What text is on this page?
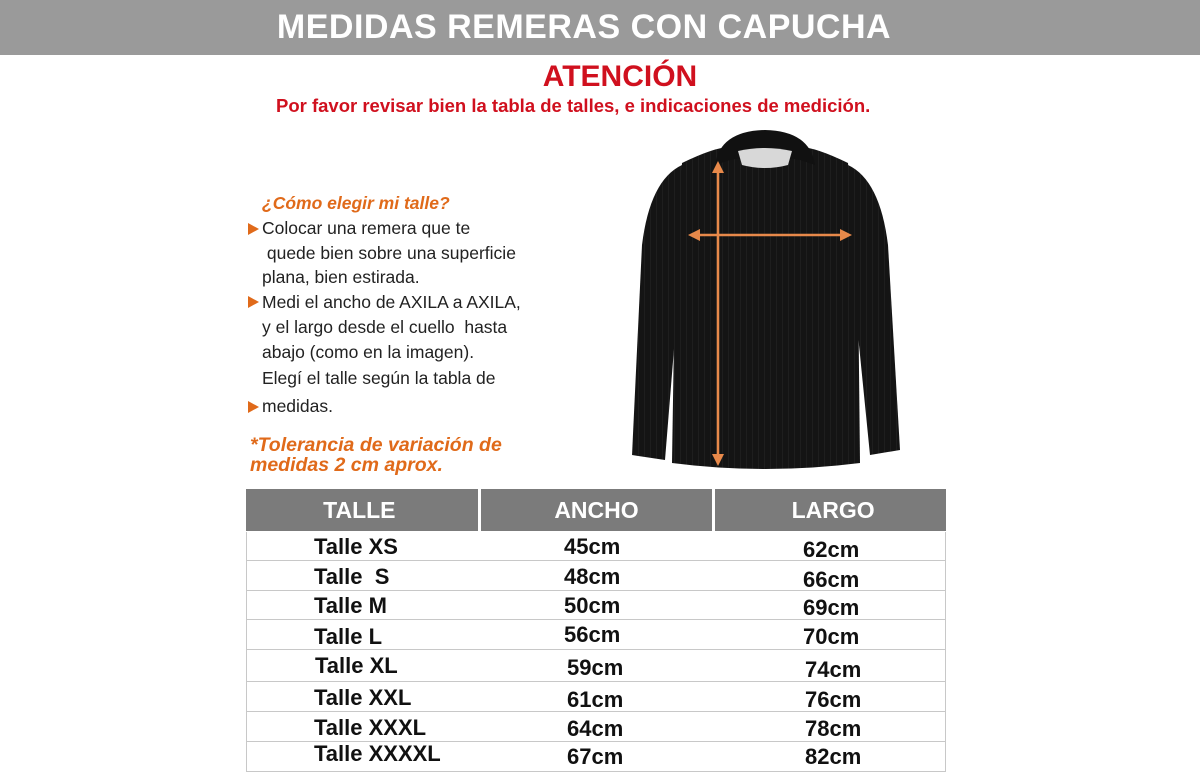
MEDIDAS REMERAS CON CAPUCHA
ATENCIÓN
Por favor revisar bien la tabla de talles, e indicaciones de medición.
¿Cómo elegir mi talle?
Colocar una remera que te
quede bien sobre una superficie
plana, bien estirada.
Medi el ancho de AXILA a AXILA,
y el largo desde el cuello  hasta
abajo (como en la imagen).
Elegí el talle según la tabla de
medidas.
*Tolerancia de variación de
medidas 2 cm aprox.
TALLE	ANCHO	LARGO
Talle XS	45cm	62cm
Talle  S	48cm	66cm
Talle M	50cm	69cm
Talle L	56cm	70cm
Talle XL	59cm	74cm
Talle XXL	61cm	76cm
Talle XXXL	64cm	78cm
Talle XXXXL	67cm	82cm
